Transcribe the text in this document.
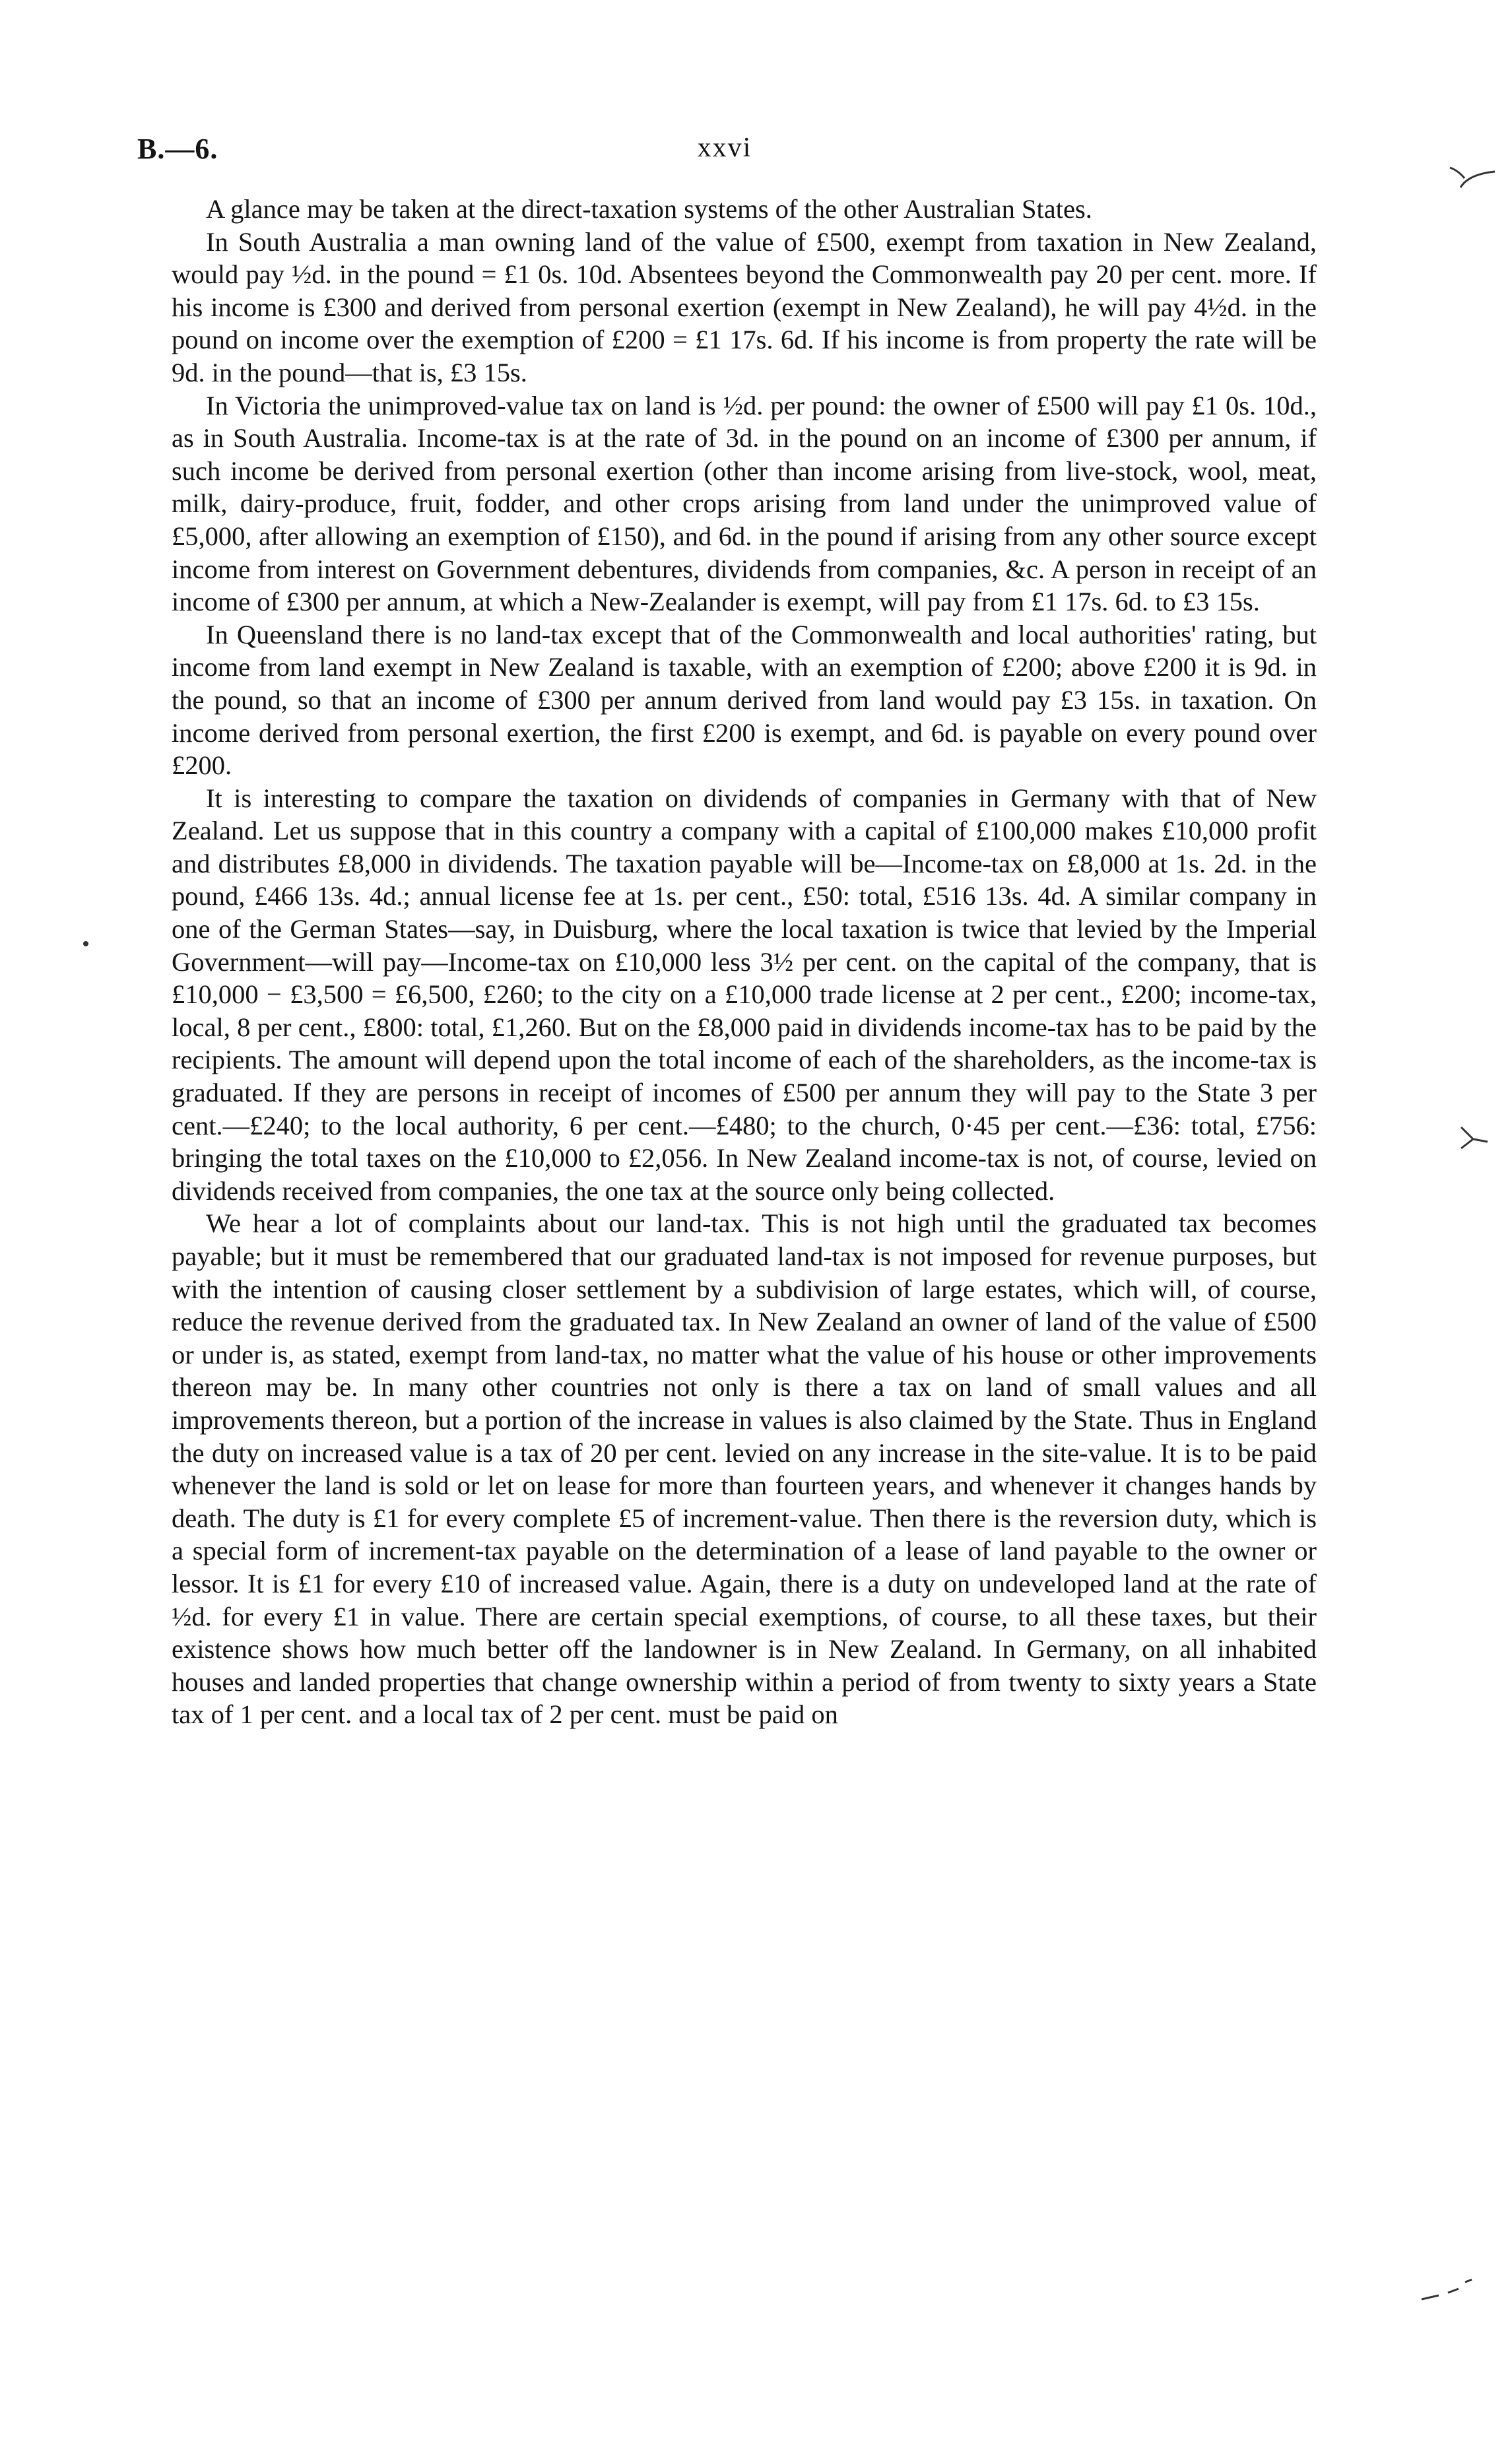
B.—6.	xxvi

A glance may be taken at the direct-taxation systems of the other Australian States.

In South Australia a man owning land of the value of £500, exempt from taxation in New Zealand, would pay ½d. in the pound = £1 0s. 10d. Absentees beyond the Commonwealth pay 20 per cent. more. If his income is £300 and derived from personal exertion (exempt in New Zealand), he will pay 4½d. in the pound on income over the exemption of £200 = £1 17s. 6d. If his income is from property the rate will be 9d. in the pound—that is, £3 15s.

In Victoria the unimproved-value tax on land is ½d. per pound: the owner of £500 will pay £1 0s. 10d., as in South Australia. Income-tax is at the rate of 3d. in the pound on an income of £300 per annum, if such income be derived from personal exertion (other than income arising from live-stock, wool, meat, milk, dairy-produce, fruit, fodder, and other crops arising from land under the unimproved value of £5,000, after allowing an exemption of £150), and 6d. in the pound if arising from any other source except income from interest on Government debentures, dividends from companies, &c. A person in receipt of an income of £300 per annum, at which a New-Zealander is exempt, will pay from £1 17s. 6d. to £3 15s.

In Queensland there is no land-tax except that of the Commonwealth and local authorities' rating, but income from land exempt in New Zealand is taxable, with an exemption of £200; above £200 it is 9d. in the pound, so that an income of £300 per annum derived from land would pay £3 15s. in taxation. On income derived from personal exertion, the first £200 is exempt, and 6d. is payable on every pound over £200.

It is interesting to compare the taxation on dividends of companies in Germany with that of New Zealand. Let us suppose that in this country a company with a capital of £100,000 makes £10,000 profit and distributes £8,000 in dividends. The taxation payable will be—Income-tax on £8,000 at 1s. 2d. in the pound, £466 13s. 4d.; annual license fee at 1s. per cent., £50: total, £516 13s. 4d. A similar company in one of the German States—say, in Duisburg, where the local taxation is twice that levied by the Imperial Government—will pay—Income-tax on £10,000 less 3½ per cent. on the capital of the company, that is £10,000 − £3,500 = £6,500, £260; to the city on a £10,000 trade license at 2 per cent., £200; income-tax, local, 8 per cent., £800: total, £1,260. But on the £8,000 paid in dividends income-tax has to be paid by the recipients. The amount will depend upon the total income of each of the shareholders, as the income-tax is graduated. If they are persons in receipt of incomes of £500 per annum they will pay to the State 3 per cent.—£240; to the local authority, 6 per cent.—£480; to the church, 0·45 per cent.—£36: total, £756: bringing the total taxes on the £10,000 to £2,056. In New Zealand income-tax is not, of course, levied on dividends received from companies, the one tax at the source only being collected.

We hear a lot of complaints about our land-tax. This is not high until the graduated tax becomes payable; but it must be remembered that our graduated land-tax is not imposed for revenue purposes, but with the intention of causing closer settlement by a subdivision of large estates, which will, of course, reduce the revenue derived from the graduated tax. In New Zealand an owner of land of the value of £500 or under is, as stated, exempt from land-tax, no matter what the value of his house or other improvements thereon may be. In many other countries not only is there a tax on land of small values and all improvements thereon, but a portion of the increase in values is also claimed by the State. Thus in England the duty on increased value is a tax of 20 per cent. levied on any increase in the site-value. It is to be paid whenever the land is sold or let on lease for more than fourteen years, and whenever it changes hands by death. The duty is £1 for every complete £5 of increment-value. Then there is the reversion duty, which is a special form of increment-tax payable on the determination of a lease of land payable to the owner or lessor. It is £1 for every £10 of increased value. Again, there is a duty on undeveloped land at the rate of ½d. for every £1 in value. There are certain special exemptions, of course, to all these taxes, but their existence shows how much better off the landowner is in New Zealand. In Germany, on all inhabited houses and landed properties that change ownership within a period of from twenty to sixty years a State tax of 1 per cent. and a local tax of 2 per cent. must be paid on
